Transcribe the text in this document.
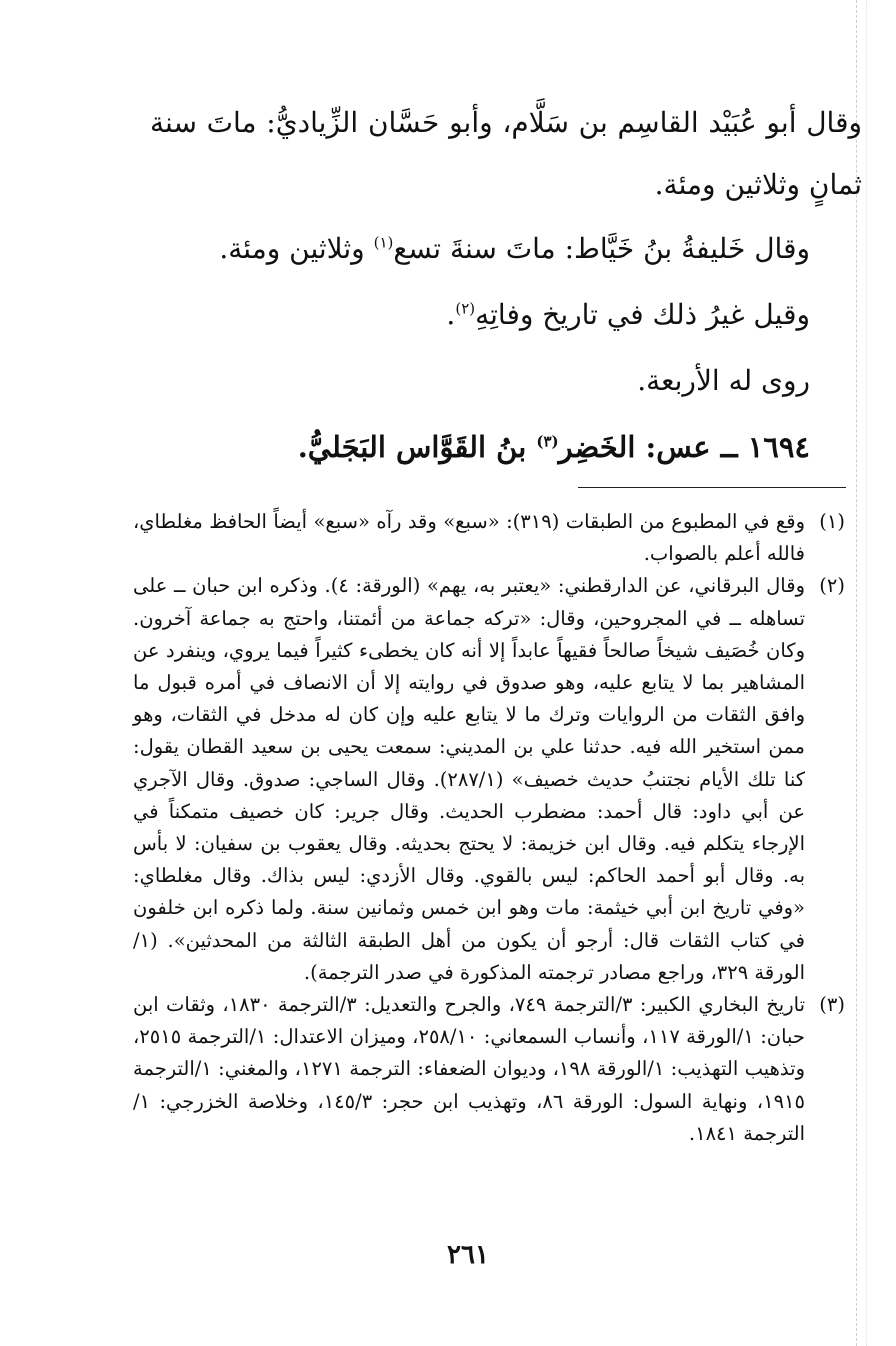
وقال أبو عُبَيْد القاسِم بن سَلَّام، وأبو حَسَّان الزِّياديُّ: ماتَ سنة ثمانٍ وثلاثين ومئة.

وقال خَليفةُ بنُ خَيَّاط: ماتَ سنةَ تسع$^{(١)}$ وثلاثين ومئة.

وقيل غيرُ ذلك في تاريخ وفاتِهِ$^{(٢)}$.

روى له الأربعة.

١٦٩٤ ــ عس: الخَضِر$^{(٣)}$ بنُ القَوَّاس البَجَليُّ.

(١)
وقع في المطبوع من الطبقات (٣١٩): «سبع» وقد رآه «سبع» أيضاً الحافظ مغلطاي، فالله أعلم بالصواب.
(٢)
وقال البرقاني، عن الدارقطني: «يعتبر به، يهم» (الورقة: ٤). وذكره ابن حبان ــ على تساهله ــ في المجروحين، وقال: «تركه جماعة من أئمتنا، واحتج به جماعة آخرون. وكان خُصَيف شيخاً صالحاً فقيهاً عابداً إلا أنه كان يخطىء كثيراً فيما يروي، وينفرد عن المشاهير بما لا يتابع عليه، وهو صدوق في روايته إلا أن الانصاف في أمره قبول ما وافق الثقات من الروايات وترك ما لا يتابع عليه وإن كان له مدخل في الثقات، وهو ممن استخير الله فيه. حدثنا علي بن المديني: سمعت يحيى بن سعيد القطان يقول: كنا تلك الأيام نجتنبُ حديث خصيف» (٢٨٧/١). وقال الساجي: صدوق. وقال الآجري عن أبي داود: قال أحمد: مضطرب الحديث. وقال جرير: كان خصيف متمكناً في الإرجاء يتكلم فيه. وقال ابن خزيمة: لا يحتج بحديثه. وقال يعقوب بن سفيان: لا بأس به. وقال أبو أحمد الحاكم: ليس بالقوي. وقال الأزدي: ليس بذاك. وقال مغلطاي: «وفي تاريخ ابن أبي خيثمة: مات وهو ابن خمس وثمانين سنة. ولما ذكره ابن خلفون في كتاب الثقات قال: أرجو أن يكون من أهل الطبقة الثالثة من المحدثين». (١/الورقة ٣٢٩، وراجع مصادر ترجمته المذكورة في صدر الترجمة).
(٣)
تاريخ البخاري الكبير: ٣/الترجمة ٧٤٩، والجرح والتعديل: ٣/الترجمة ١٨٣٠، وثقات ابن حبان: ١/الورقة ١١٧، وأنساب السمعاني: ٢٥٨/١٠، وميزان الاعتدال: ١/الترجمة ٢٥١٥، وتذهيب التهذيب: ١/الورقة ١٩٨، وديوان الضعفاء: الترجمة ١٢٧١، والمغني: ١/الترجمة ١٩١٥، ونهاية السول: الورقة ٨٦، وتهذيب ابن حجر: ١٤٥/٣، وخلاصة الخزرجي: ١/الترجمة ١٨٤١.
٢٦١
